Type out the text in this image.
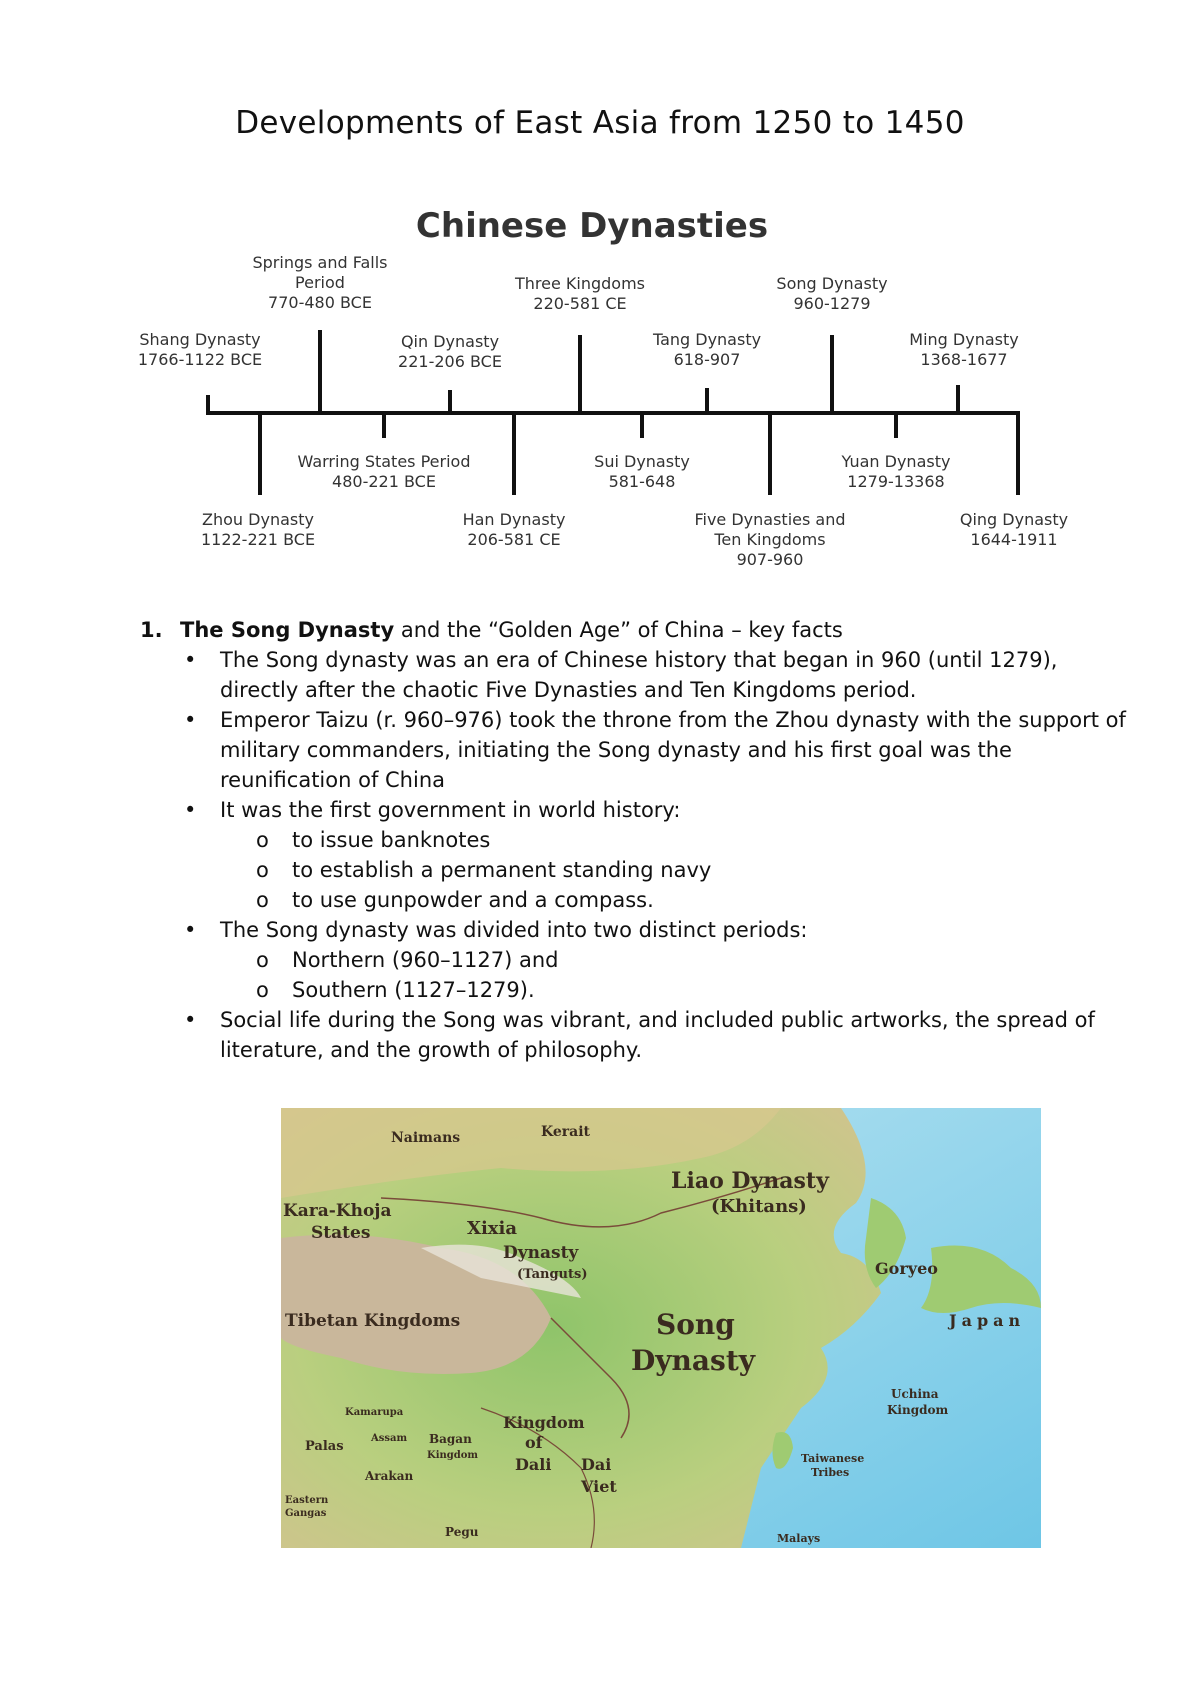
Developments of East Asia from 1250 to 1450
Chinese Dynasties
Shang Dynasty
1766-1122 BCE
Springs and Falls
Period
770-480 BCE
Qin Dynasty
221-206 BCE
Three Kingdoms
220-581 CE
Tang Dynasty
618-907
Song Dynasty
960-1279
Ming Dynasty
1368-1677
Zhou Dynasty
1122-221 BCE
Warring States Period
480-221 BCE
Han Dynasty
206-581 CE
Sui Dynasty
581-648
Five Dynasties and
Ten Kingdoms
907-960
Yuan Dynasty
1279-13368
Qing Dynasty
1644-1911
1. The Song Dynasty and the “Golden Age” of China – key facts
• The Song dynasty was an era of Chinese history that began in 960 (until 1279), directly after the chaotic Five Dynasties and Ten Kingdoms period.
• Emperor Taizu (r. 960–976) took the throne from the Zhou dynasty with the support of military commanders, initiating the Song dynasty and his first goal was the reunification of China
• It was the first government in world history:
o to issue banknotes
o to establish a permanent standing navy
o to use gunpowder and a compass.
• The Song dynasty was divided into two distinct periods:
o Northern (960–1127) and
o Southern (1127–1279).
• Social life during the Song was vibrant, and included public artworks, the spread of literature, and the growth of philosophy.
Naimans	Kerait
Liao Dynasty
(Khitans)
Kara-Khoja
States	Xixia
Dynasty
(Tanguts)	Goryeo
Tibetan Kingdoms	Song
Dynasty
Japan
Uchina
Kingdom
Kamarupa
Palas
Assam Bagan
Kingdom
Kingdom
of
Dali Dai
Viet
Taiwanese
Tribes
Arakan
Eastern
Gangas
Pegu	Malays
